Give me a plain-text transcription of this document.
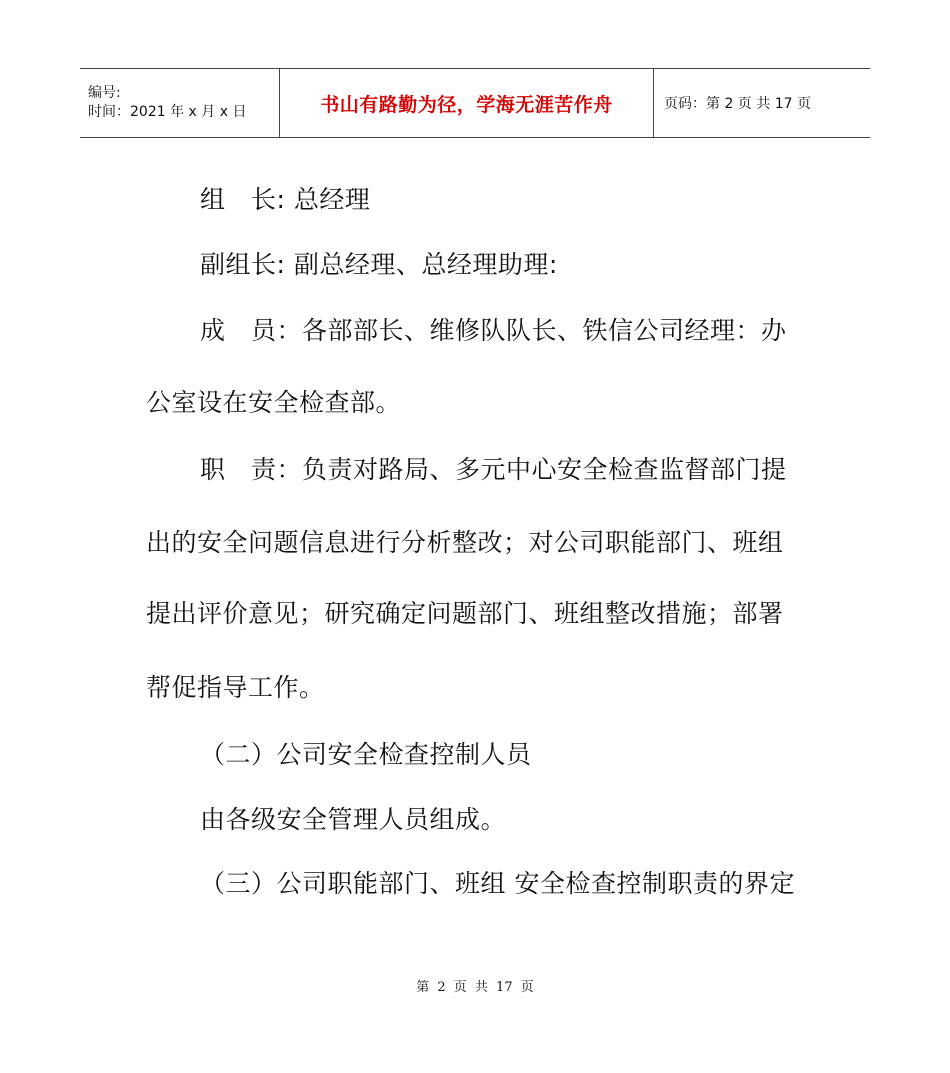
编号:
时间：2021 年 x 月 x 日	书山有路勤为径，学海无涯苦作舟	页码：第 2 页 共 17 页

组　长: 总经理

副组长: 副总经理、总经理助理:

成　员：各部部长、维修队队长、铁信公司经理：办

公室设在安全检查部。

职　责：负责对路局、多元中心安全检查监督部门提

出的安全问题信息进行分析整改；对公司职能部门、班组

提出评价意见；研究确定问题部门、班组整改措施；部署

帮促指导工作。

（二）公司安全检查控制人员

由各级安全管理人员组成。

（三）公司职能部门、班组 安全检查控制职责的界定

第 2 页 共 17 页
